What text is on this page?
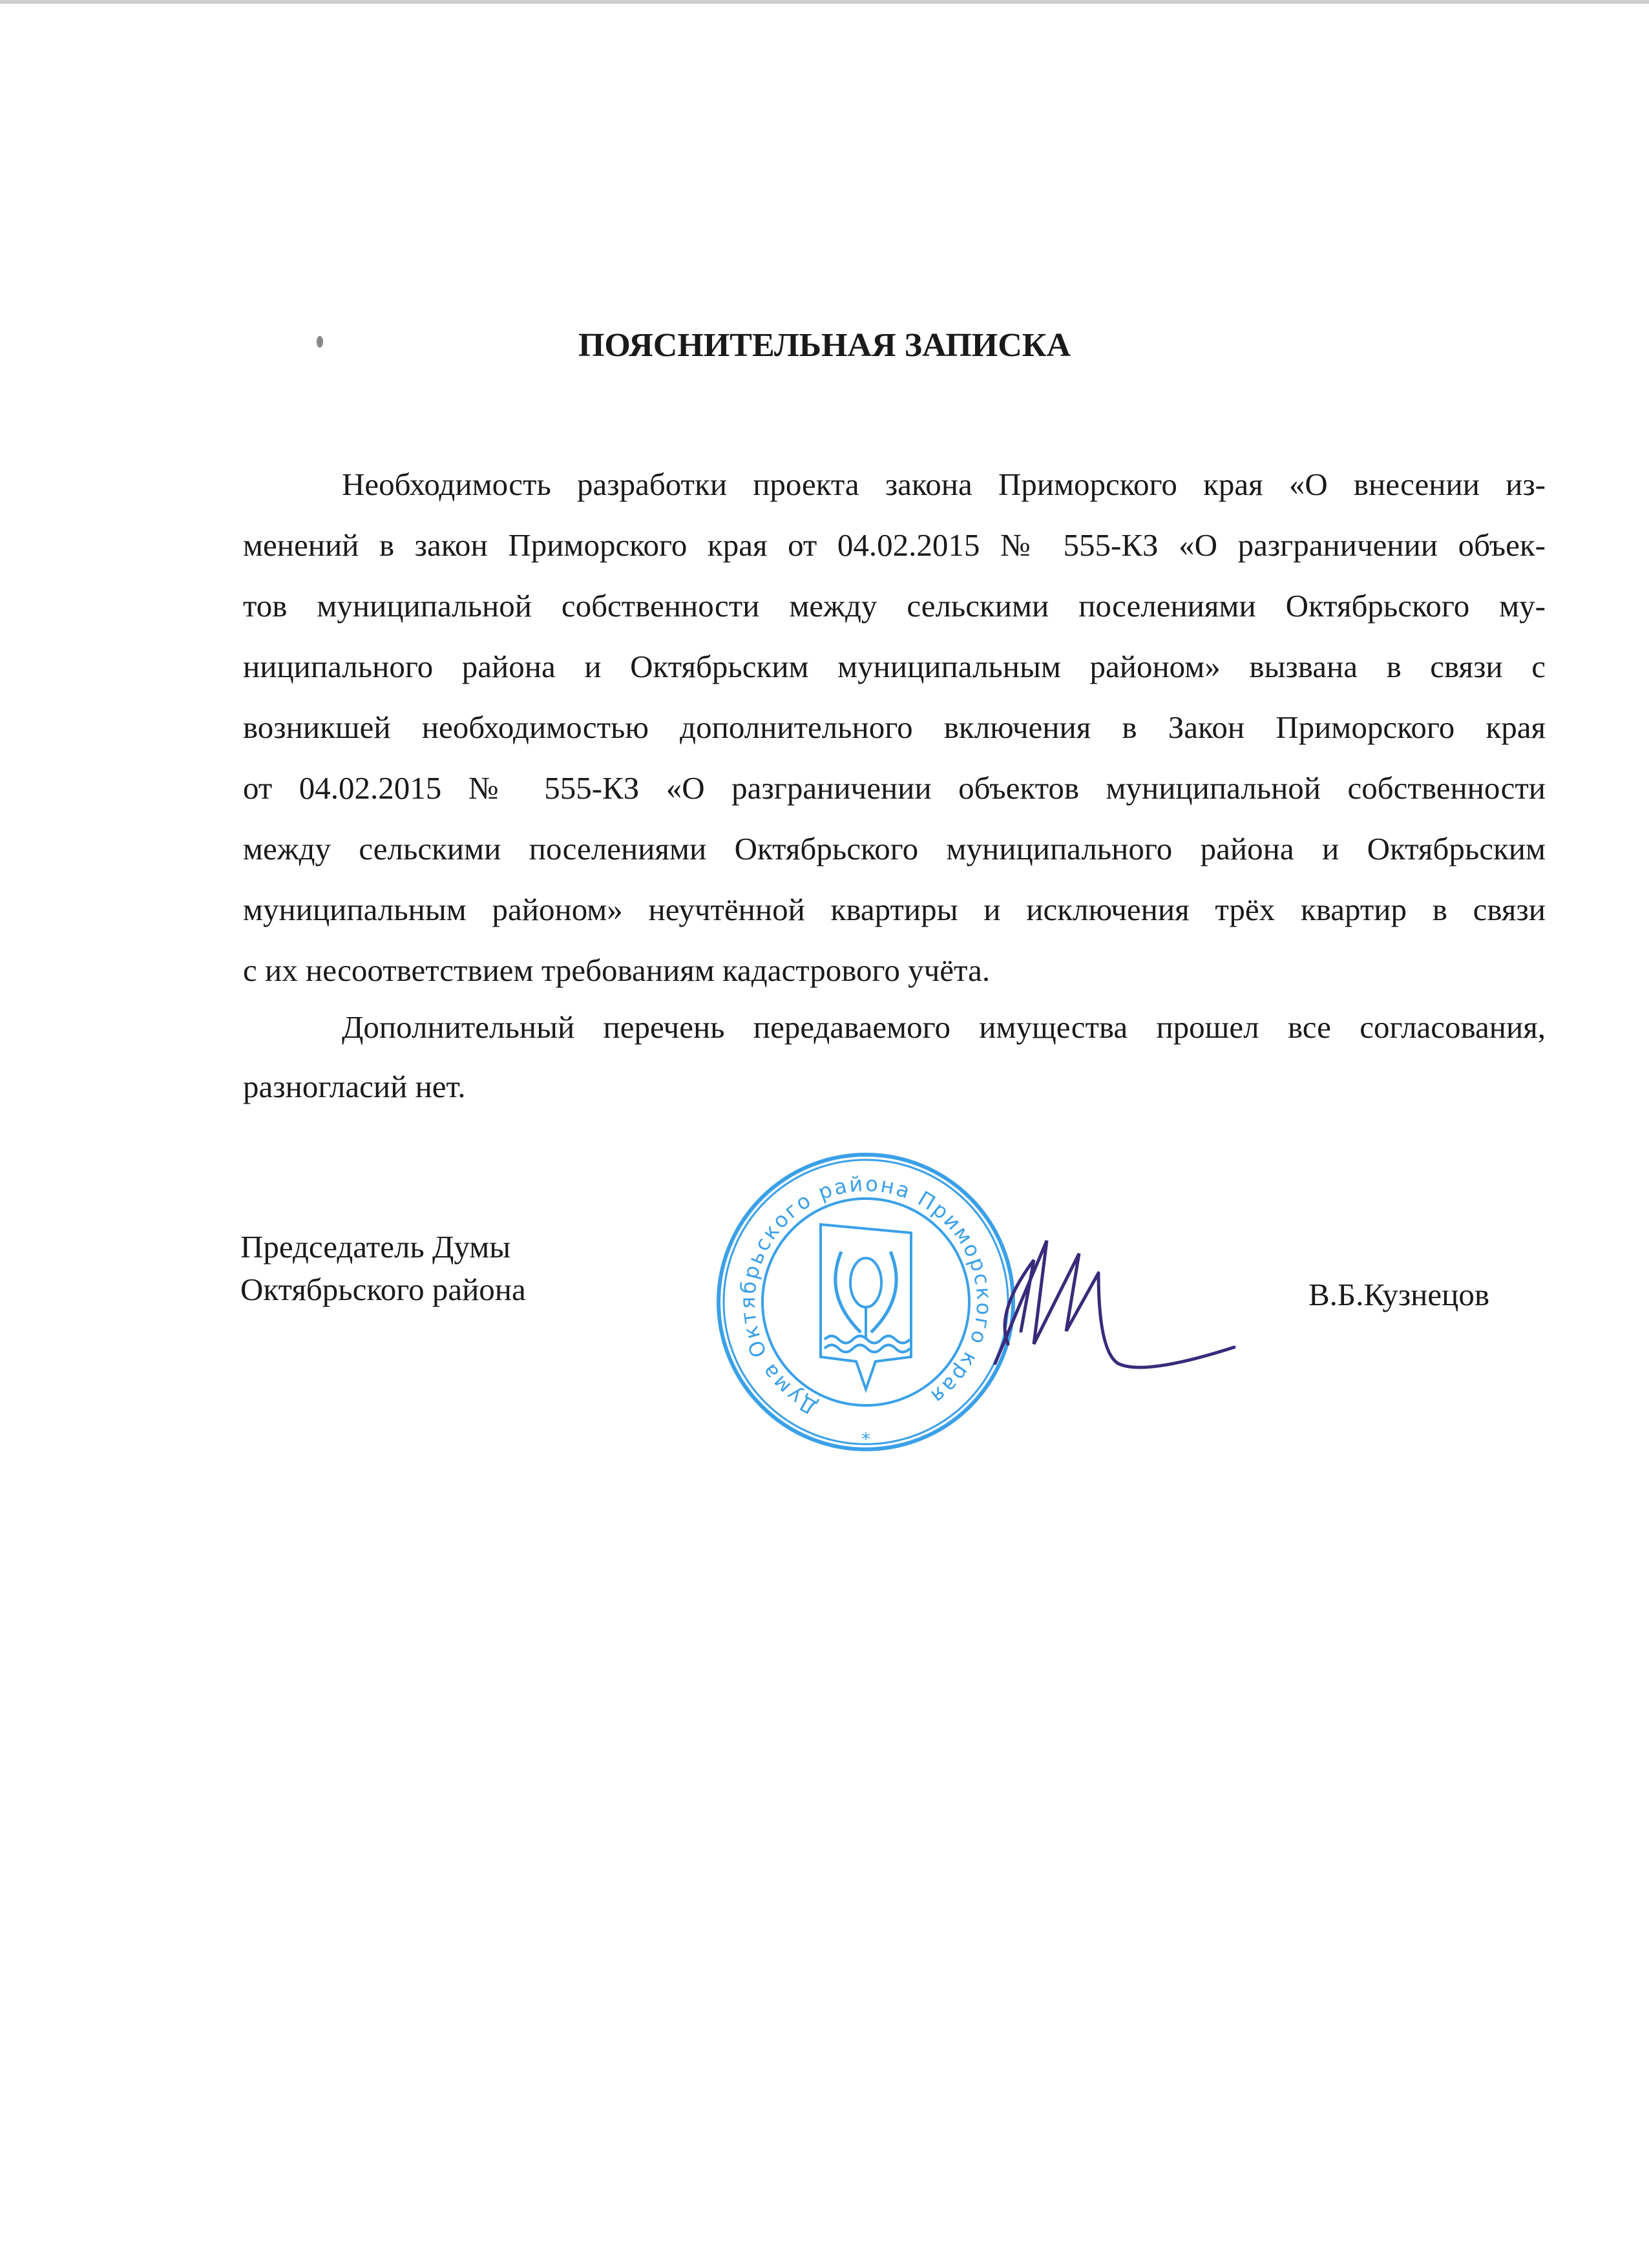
ПОЯСНИТЕЛЬНАЯ ЗАПИСКА
Необходимость разработки проекта закона Приморского края «О внесении из-
менений в закон Приморского края от 04.02.2015 № 555-КЗ «О разграничении объек-
тов муниципальной собственности между сельскими поселениями Октябрьского му-
ниципального района и Октябрьским муниципальным районом» вызвана в связи с
возникшей необходимостью дополнительного включения в Закон Приморского края
от 04.02.2015 № 555-КЗ «О разграничении объектов муниципальной собственности
между сельскими поселениями Октябрьского муниципального района и Октябрьским
муниципальным районом» неучтённой квартиры и исключения трёх квартир в связи
с их несоответствием требованиям кадастрового учёта.
Дополнительный перечень передаваемого имущества прошел все согласования,
разногласий нет.
Председатель Думы
Октябрьского района	В.Б.Кузнецов
Дума Октябрьского района Приморского края
*
